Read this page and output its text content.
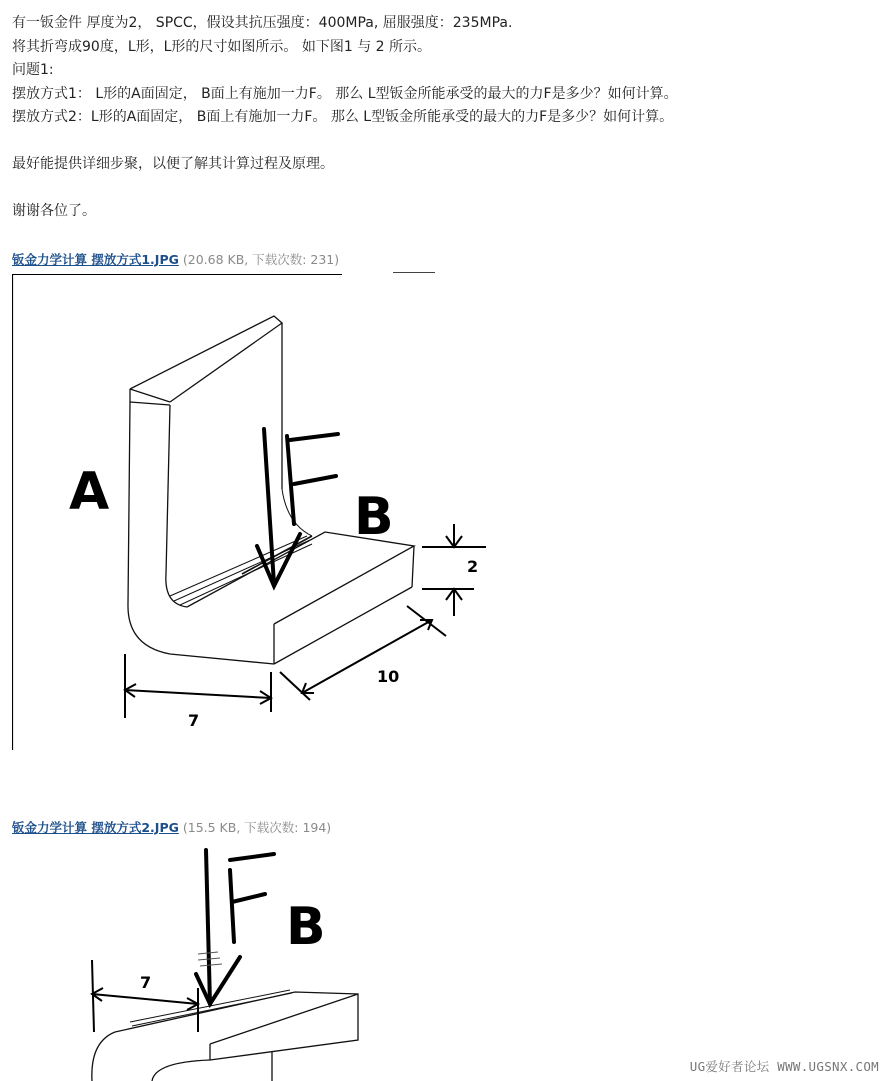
有一钣金件 厚度为2， SPCC，假设其抗压强度：400MPa, 屈服强度：235MPa.

将其折弯成90度，L形，L形的尺寸如图所示。 如下图1 与 2 所示。

问题1:

摆放方式1： L形的A面固定， B面上有施加一力F。 那么 L型钣金所能承受的最大的力F是多少？如何计算。

摆放方式2：L形的A面固定， B面上有施加一力F。 那么 L型钣金所能承受的最大的力F是多少？如何计算。

最好能提供详细步聚，以便了解其计算过程及原理。

谢谢各位了。

钣金力学计算 摆放方式1.JPG (20.68 KB, 下载次数: 231)
A	B
2
10
7
钣金力学计算 摆放方式2.JPG (15.5 KB, 下载次数: 194)
B
7
UG爱好者论坛 WWW.UGSNX.COM
